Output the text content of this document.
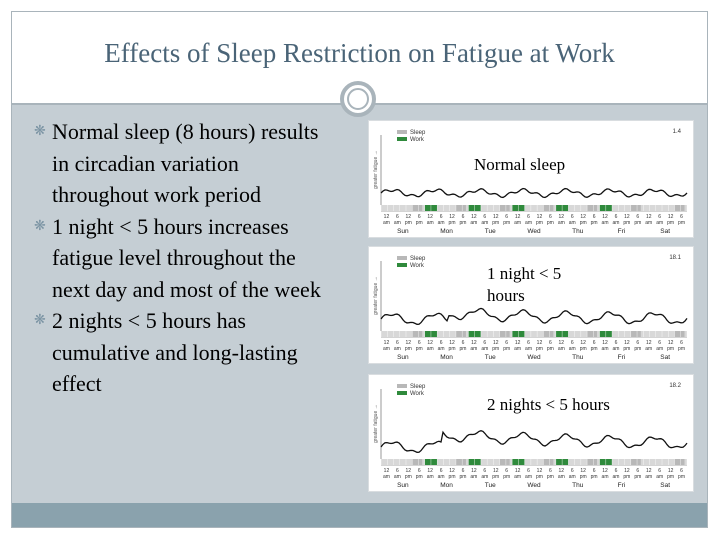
Effects of Sleep Restriction on Fatigue at Work
❋ Normal sleep (8 hours) results in circadian variation throughout work period
❋ 1 night < 5 hours increases fatigue level throughout the next day and most of the week
❋ 2 nights < 5 hours has cumulative and long-lasting effect
1.4
Sleep
Work
greater fatigue →
12
am
6
am
12
pm
6
pm
12
am
6
am
12
pm
6
pm
12
am
6
am
12
pm
6
pm
12
am
6
am
12
pm
6
pm
12
am
6
am
12
pm
6
pm
12
am
6
am
12
pm
6
pm
12
am
6
am
12
pm
6
pm
Sun	Mon	Tue	Wed	Thu	Fri	Sat
18.1
Sleep
Work
greater fatigue →
12
am
6
am
12
pm
6
pm
12
am
6
am
12
pm
6
pm
12
am
6
am
12
pm
6
pm
12
am
6
am
12
pm
6
pm
12
am
6
am
12
pm
6
pm
12
am
6
am
12
pm
6
pm
12
am
6
am
12
pm
6
pm
Sun	Mon	Tue	Wed	Thu	Fri	Sat
18.2
Sleep
Work
greater fatigue →
12
am
6
am
12
pm
6
pm
12
am
6
am
12
pm
6
pm
12
am
6
am
12
pm
6
pm
12
am
6
am
12
pm
6
pm
12
am
6
am
12
pm
6
pm
12
am
6
am
12
pm
6
pm
12
am
6
am
12
pm
6
pm
Sun	Mon	Tue	Wed	Thu	Fri	Sat
Normal sleep
1 night < 5 hours
2 nights < 5 hours
